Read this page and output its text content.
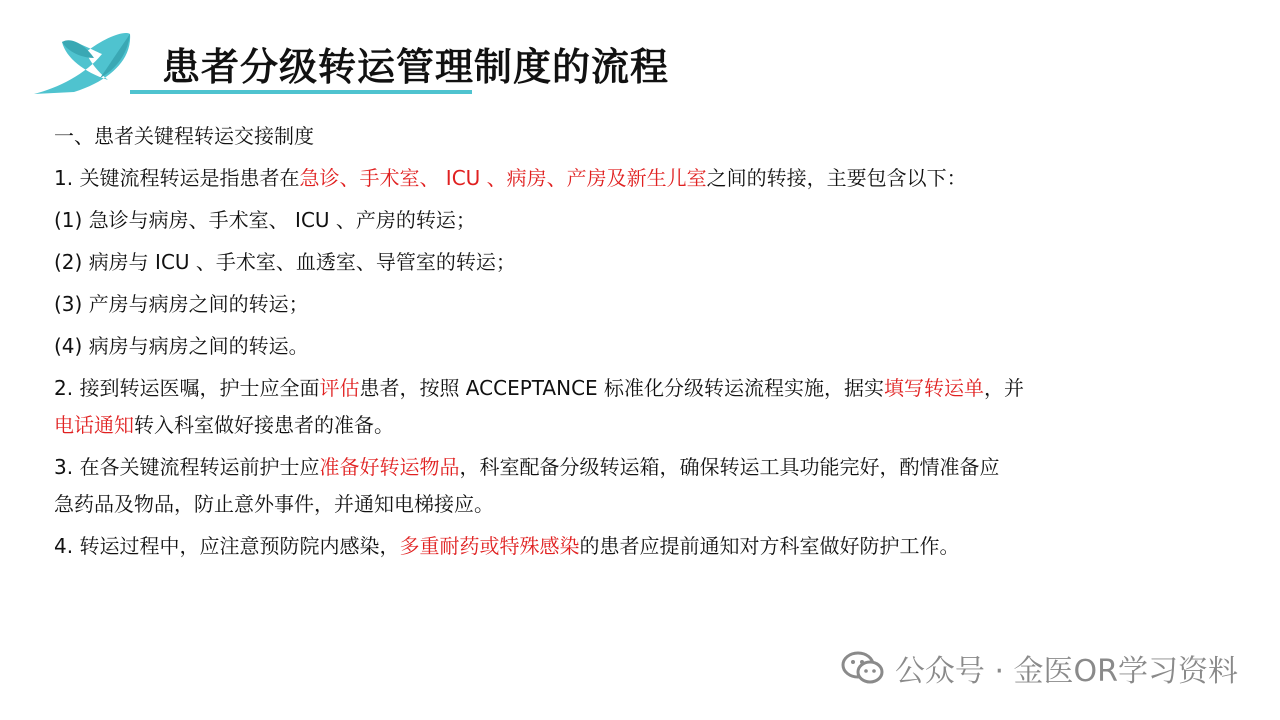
患者分级转运管理制度的流程
一、患者关键程转运交接制度
1. 关键流程转运是指患者在急诊、手术室、 ICU 、病房、产房及新生儿室之间的转接，主要包含以下：
(1) 急诊与病房、手术室、 ICU 、产房的转运；
(2) 病房与 ICU 、手术室、血透室、导管室的转运；
(3) 产房与病房之间的转运；
(4) 病房与病房之间的转运。
2. 接到转运医嘱，护士应全面评估患者，按照 ACCEPTANCE 标准化分级转运流程实施，据实填写转运单，并
电话通知转入科室做好接患者的准备。
3. 在各关键流程转运前护士应准备好转运物品，科室配备分级转运箱，确保转运工具功能完好，酌情准备应
急药品及物品，防止意外事件，并通知电梯接应。
4. 转运过程中，应注意预防院内感染，多重耐药或特殊感染的患者应提前通知对方科室做好防护工作。
公众号 · 金医OR学习资料
